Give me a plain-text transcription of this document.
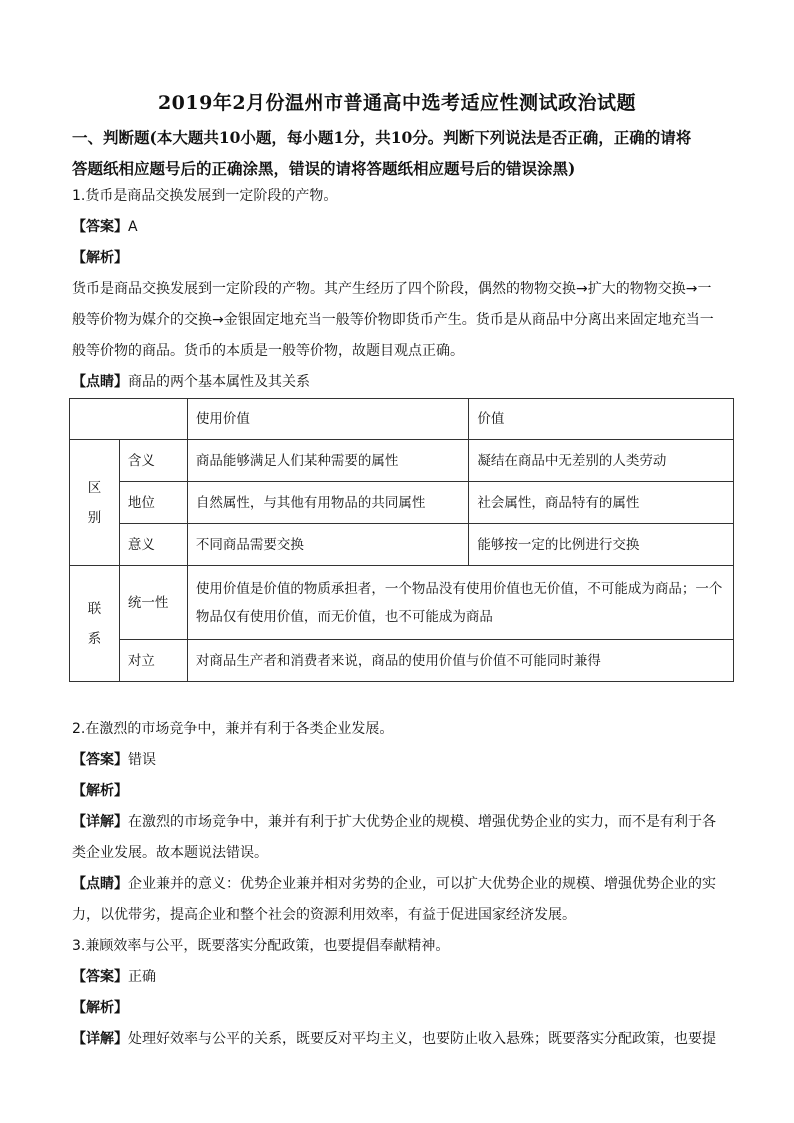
2019年2月份温州市普通高中选考适应性测试政治试题
一、判断题(本大题共10小题，每小题1分，共10分。判断下列说法是否正确，正确的请将
答题纸相应题号后的正确涂黑，错误的请将答题纸相应题号后的错误涂黑)
1.货币是商品交换发展到一定阶段的产物。
【答案】A
【解析】
货币是商品交换发展到一定阶段的产物。其产生经历了四个阶段，偶然的物物交换→扩大的物物交换→一
般等价物为媒介的交换→金银固定地充当一般等价物即货币产生。货币是从商品中分离出来固定地充当一
般等价物的商品。货币的本质是一般等价物，故题目观点正确。
【点睛】商品的两个基本属性及其关系
		使用价值	价值

区
别	含义	商品能够满足人们某种需要的属性	凝结在商品中无差别的人类劳动
	地位	自然属性，与其他有用物品的共同属性	社会属性，商品特有的属性
	意义	不同商品需要交换	能够按一定的比例进行交换

联
系	统一性	使用价值是价值的物质承担者，一个物品没有使用价值也无价值，不可能成为商品；一个物品仅有使用价值，而无价值，也不可能成为商品	
	对立	对商品生产者和消费者来说，商品的使用价值与价值不可能同时兼得	
2.在激烈的市场竞争中，兼并有利于各类企业发展。
【答案】错误
【解析】
【详解】在激烈的市场竞争中，兼并有利于扩大优势企业的规模、增强优势企业的实力，而不是有利于各
类企业发展。故本题说法错误。
【点睛】企业兼并的意义：优势企业兼并相对劣势的企业，可以扩大优势企业的规模、增强优势企业的实
力，以优带劣，提高企业和整个社会的资源利用效率，有益于促进国家经济发展。
3.兼顾效率与公平，既要落实分配政策，也要提倡奉献精神。
【答案】正确
【解析】
【详解】处理好效率与公平的关系，既要反对平均主义，也要防止收入悬殊；既要落实分配政策，也要提
